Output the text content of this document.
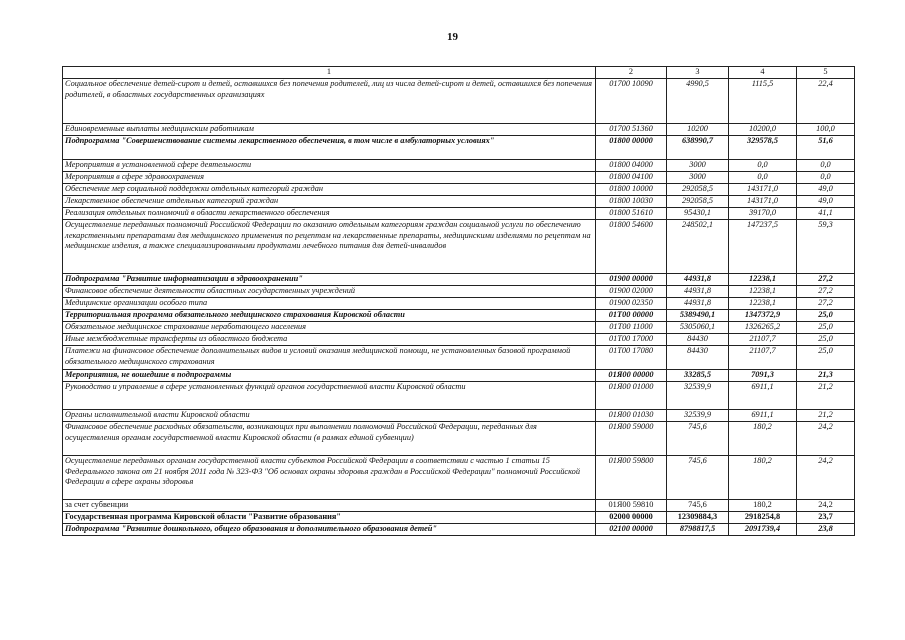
19
1	2	3	4	5
Социальное обеспечение детей-сирот и детей, оставшихся без попечения родителей, лиц из числа детей-сирот и детей, оставшихся без попечения родителей, в областных государственных организациях	01700 10090	4990,5	1115,5	22,4
Единовременные выплаты медицинским работникам	01700 51360	10200	10200,0	100,0
Подпрограмма "Совершенствование системы лекарственного обеспечения, в том числе в амбулаторных условиях"	01800 00000	638990,7	329578,5	51,6
Мероприятия в установленной сфере деятельности	01800 04000	3000	0,0	0,0
Мероприятия в сфере здравоохранения	01800 04100	3000	0,0	0,0
Обеспечение мер социальной поддержки отдельных категорий граждан	01800 10000	292058,5	143171,0	49,0
Лекарственное обеспечение отдельных категорий граждан	01800 10030	292058,5	143171,0	49,0
Реализация отдельных полномочий в области лекарственного обеспечения	01800 51610	95430,1	39170,0	41,1
Осуществление переданных полномочий Российской Федерации по оказанию отдельным категориям граждан социальной услуги по обеспечению лекарственными препаратами для медицинского применения по рецептам на лекарственные препараты, медицинскими изделиями по рецептам на медицинские изделия, а также специализированными продуктами лечебного питания для детей-инвалидов	01800 54600	248502,1	147237,5	59,3
Подпрограмма "Развитие информатизации в здравоохранении"	01900 00000	44931,8	12238,1	27,2
Финансовое обеспечение деятельности областных государственных учреждений	01900 02000	44931,8	12238,1	27,2
Медицинские организации особого типа	01900 02350	44931,8	12238,1	27,2
Территориальная программа обязательного медицинского страхования Кировской области	01Т00 00000	5389490,1	1347372,9	25,0
Обязательное медицинское страхование неработающего населения	01Т00 11000	5305060,1	1326265,2	25,0
Иные межбюджетные трансферты из областного бюджета	01Т00 17000	84430	21107,7	25,0
Платежи на финансовое обеспечение дополнительных видов и условий оказания медицинской помощи, не установленных базовой программой обязательного медицинского страхования	01Т00 17080	84430	21107,7	25,0
Мероприятия, не вошедшие в подпрограммы	01Я00 00000	33285,5	7091,3	21,3
Руководство и управление в сфере установленных функций органов государственной власти Кировской области	01Я00 01000	32539,9	6911,1	21,2
Органы исполнительной власти Кировской области	01Я00 01030	32539,9	6911,1	21,2
Финансовое обеспечение расходных обязательств, возникающих при выполнении полномочий Российской Федерации, переданных для осуществления органам государственной власти Кировской области (в рамках единой субвенции)	01Я00 59000	745,6	180,2	24,2
Осуществление переданных органам государственной власти субъектов Российской Федерации в соответствии с частью 1 статьи 15 Федерального закона от 21 ноября 2011 года № 323-ФЗ "Об основах охраны здоровья граждан в Российской Федерации" полномочий Российской Федерации в сфере охраны здоровья	01Я00 59800	745,6	180,2	24,2
за счет субвенции	01Я00 59810	745,6	180,2	24,2
Государственная программа Кировской области "Развитие образования"	02000 00000	12309884,3	2918254,8	23,7
Подпрограмма "Развитие дошкольного, общего образования и дополнительного образования детей"	02100 00000	8798817,5	2091739,4	23,8
